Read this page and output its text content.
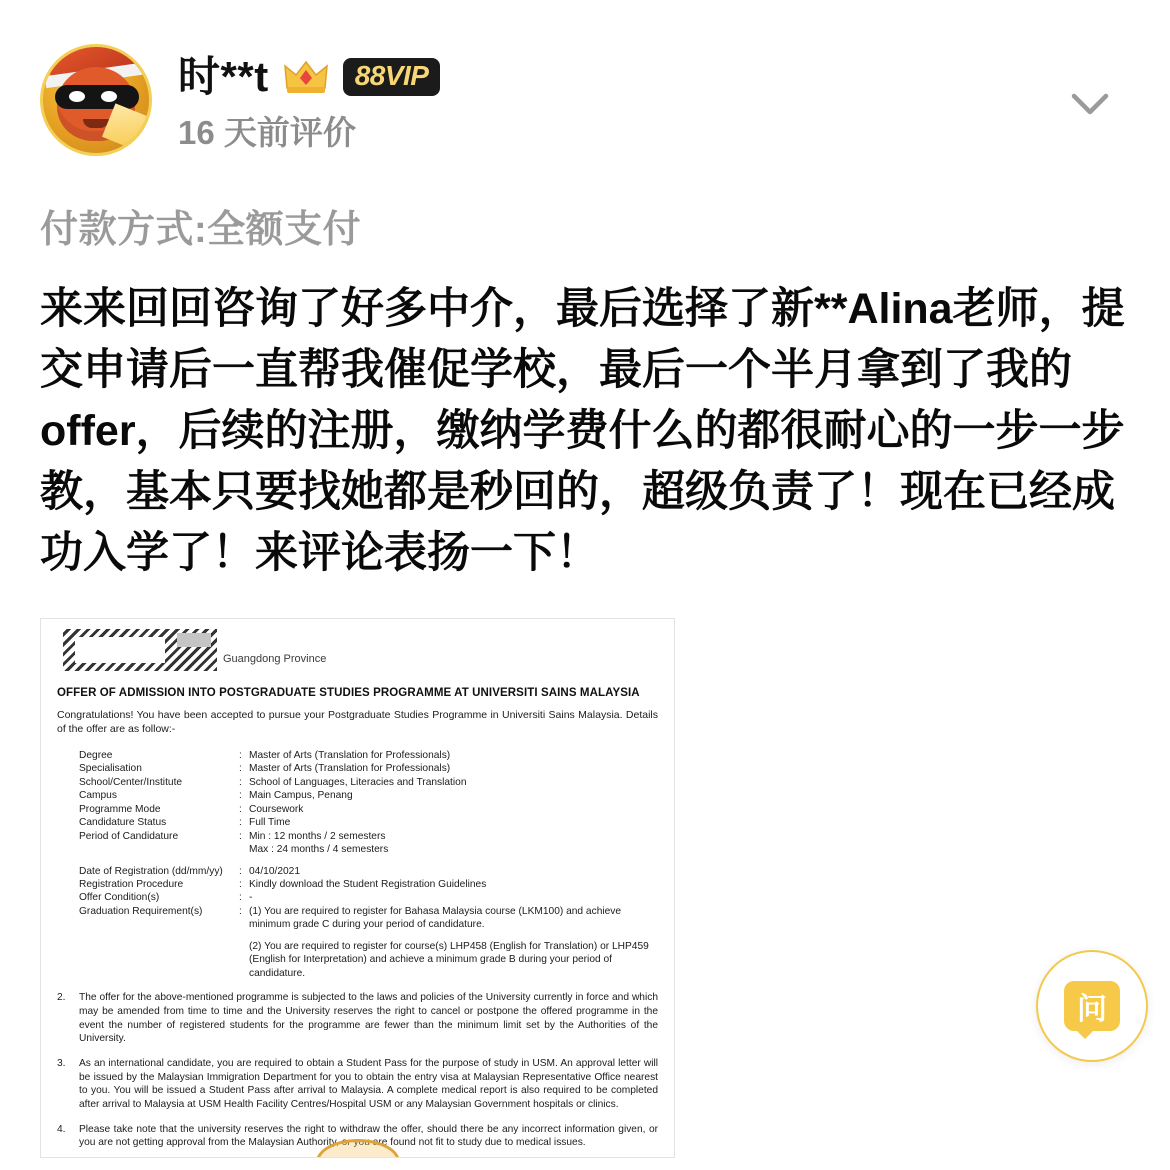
时**t	88VIP
16 天前评价
付款方式:全额支付
来来回回咨询了好多中介，最后选择了新**Alina老师，提交申请后一直帮我催促学校，最后一个半月拿到了我的offer，后续的注册，缴纳学费什么的都很耐心的一步一步教，基本只要找她都是秒回的，超级负责了！现在已经成功入学了！来评论表扬一下！
Guangdong Province
OFFER OF ADMISSION INTO POSTGRADUATE STUDIES PROGRAMME AT UNIVERSITI SAINS MALAYSIA
Congratulations! You have been accepted to pursue your Postgraduate Studies Programme in Universiti Sains Malaysia. Details of the offer are as follow:-
Degree	: Master of Arts (Translation for Professionals)
Specialisation	: Master of Arts (Translation for Professionals)
School/Center/Institute	: School of Languages, Literacies and Translation
Campus	: Main Campus, Penang
Programme Mode	: Coursework
Candidature Status	: Full Time
Period of Candidature	: Min : 12 months / 2 semesters

Max : 24 months / 4 semesters
Date of Registration (dd/mm/yy)	: 04/10/2021
Registration Procedure	: Kindly download the Student Registration Guidelines
Offer Condition(s)	: -
Graduation Requirement(s)	: (1) You are required to register for Bahasa Malaysia course (LKM100) and achieve minimum grade C during your period of candidature.

(2) You are required to register for course(s) LHP458 (English for Translation) or LHP459 (English for Interpretation) and achieve a minimum grade B during your period of candidature.
2.	The offer for the above-mentioned programme is subjected to the laws and policies of the University currently in force and which may be amended from time to time and the University reserves the right to cancel or postpone the offered programme in the event the number of registered students for the programme are fewer than the minimum limit set by the Authorities of the University.
3.	As an international candidate, you are required to obtain a Student Pass for the purpose of study in USM. An approval letter will be issued by the Malaysian Immigration Department for you to obtain the entry visa at Malaysian Representative Office nearest to you. You will be issued a Student Pass after arrival to Malaysia. A complete medical report is also required to be completed after arrival to Malaysia at USM Health Facility Centres/Hospital USM or any Malaysian Government hospitals or clinics.
4.	Please take note that the university reserves the right to withdraw the offer, should there be any incorrect information given, or you are not getting approval from the Malaysian Authority, or you are found not fit to study due to medical issues.
问
